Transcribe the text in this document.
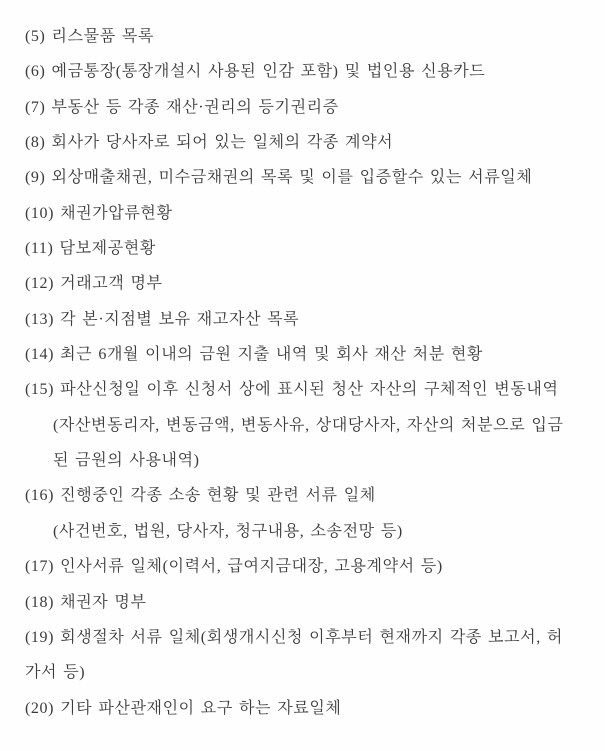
(5) 리스물품 목록
(6) 예금통장(통장개설시 사용된 인감 포함) 및 법인용 신용카드
(7) 부동산 등 각종 재산·권리의 등기권리증
(8) 회사가 당사자로 되어 있는 일체의 각종 계약서
(9) 외상매출채권, 미수금채권의 목록 및 이를 입증할수 있는 서류일체
(10) 채권가압류현황
(11) 담보제공현황
(12) 거래고객 명부
(13) 각 본·지점별 보유 재고자산 목록
(14) 최근 6개월 이내의 금원 지출 내역 및 회사 재산 처분 현황
(15) 파산신청일 이후 신청서 상에 표시된 청산 자산의 구체적인 변동내역
(자산변동리자, 변동금액, 변동사유, 상대당사자, 자산의 처분으로 입금
된 금원의 사용내역)
(16) 진행중인 각종 소송 현황 및 관련 서류 일체
(사건번호, 법원, 당사자, 청구내용, 소송전망 등)
(17) 인사서류 일체(이력서, 급여지금대장, 고용계약서 등)
(18) 채권자 명부
(19) 회생절차 서류 일체(회생개시신청 이후부터 현재까지 각종 보고서, 허
가서 등)
(20) 기타 파산관재인이 요구 하는 자료일체
